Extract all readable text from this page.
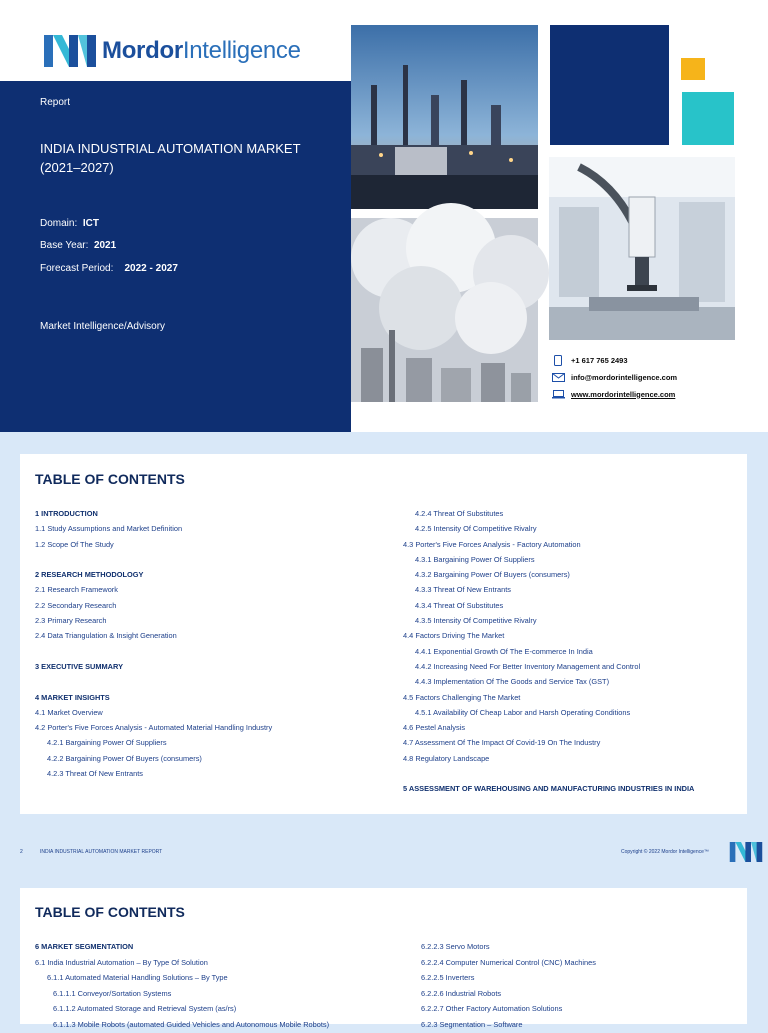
MordorIntelligence
Report
INDIA INDUSTRIAL AUTOMATION MARKET (2021–2027)
Domain: ICT
Base Year: 2021
Forecast Period: 2022 - 2027
Market Intelligence/Advisory
+1 617 765 2493
info@mordorintelligence.com
www.mordorintelligence.com
TABLE OF CONTENTS
1 INTRODUCTION
1.1 Study Assumptions and Market Definition
1.2 Scope Of The Study
2 RESEARCH METHODOLOGY
2.1 Research Framework
2.2 Secondary Research
2.3 Primary Research
2.4 Data Triangulation & Insight Generation
3 EXECUTIVE SUMMARY
4 MARKET INSIGHTS
4.1 Market Overview
4.2 Porter's Five Forces Analysis - Automated Material Handling Industry
4.2.1 Bargaining Power Of Suppliers
4.2.2 Bargaining Power Of Buyers (consumers)
4.2.3 Threat Of New Entrants
4.2.4 Threat Of Substitutes
4.2.5 Intensity Of Competitive Rivalry
4.3 Porter's Five Forces Analysis - Factory Automation
4.3.1 Bargaining Power Of Suppliers
4.3.2 Bargaining Power Of Buyers (consumers)
4.3.3 Threat Of New Entrants
4.3.4 Threat Of Substitutes
4.3.5 Intensity Of Competitive Rivalry
4.4 Factors Driving The Market
4.4.1 Exponential Growth Of The E-commerce In India
4.4.2 Increasing Need For Better Inventory Management and Control
4.4.3 Implementation Of The Goods and Service Tax (GST)
4.5 Factors Challenging The Market
4.5.1 Availability Of Cheap Labor and Harsh Operating Conditions
4.6 Pestel Analysis
4.7 Assessment Of The Impact Of Covid-19 On The Industry
4.8 Regulatory Landscape
5 ASSESSMENT OF WAREHOUSING AND MANUFACTURING INDUSTRIES IN INDIA
2	INDIA INDUSTRIAL AUTOMATION MARKET REPORT	Copyright © 2022 Mordor Intelligence™
TABLE OF CONTENTS
6 MARKET SEGMENTATION
6.1 India Industrial Automation – By Type Of Solution
6.1.1 Automated Material Handling Solutions – By Type
6.1.1.1 Conveyor/Sortation Systems
6.1.1.2 Automated Storage and Retrieval System (as/rs)
6.1.1.3 Mobile Robots (automated Guided Vehicles and Autonomous Mobile Robots)
6.2.2.3 Servo Motors
6.2.2.4 Computer Numerical Control (CNC) Machines
6.2.2.5 Inverters
6.2.2.6 Industrial Robots
6.2.2.7 Other Factory Automation Solutions
6.2.3 Segmentation – Software
